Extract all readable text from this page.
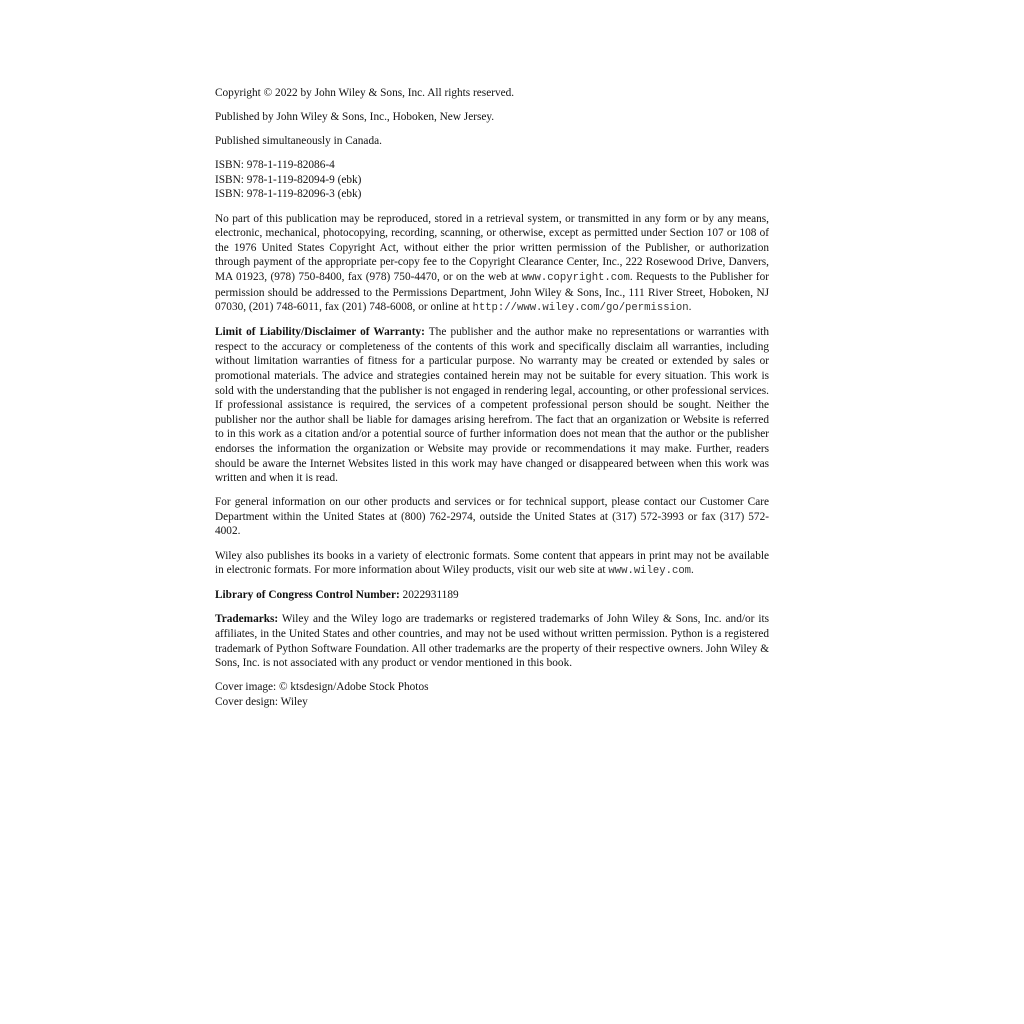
Copyright © 2022 by John Wiley & Sons, Inc. All rights reserved.

Published by John Wiley & Sons, Inc., Hoboken, New Jersey.

Published simultaneously in Canada.

ISBN: 978-1-119-82086-4
ISBN: 978-1-119-82094-9 (ebk)
ISBN: 978-1-119-82096-3 (ebk)

No part of this publication may be reproduced, stored in a retrieval system, or transmitted in any form or by any means, electronic, mechanical, photocopying, recording, scanning, or otherwise, except as permitted under Section 107 or 108 of the 1976 United States Copyright Act, without either the prior written permission of the Publisher, or authorization through payment of the appropriate per-copy fee to the Copyright Clearance Center, Inc., 222 Rosewood Drive, Danvers, MA 01923, (978) 750-8400, fax (978) 750-4470, or on the web at www.copyright.com. Requests to the Publisher for permission should be addressed to the Permissions Department, John Wiley & Sons, Inc., 111 River Street, Hoboken, NJ 07030, (201) 748-6011, fax (201) 748-6008, or online at http://www.wiley.com/go/permission.

Limit of Liability/Disclaimer of Warranty: The publisher and the author make no representations or warranties with respect to the accuracy or completeness of the contents of this work and specifically disclaim all warranties, including without limitation warranties of fitness for a particular purpose. No warranty may be created or extended by sales or promotional materials. The advice and strategies contained herein may not be suitable for every situation. This work is sold with the understanding that the publisher is not engaged in rendering legal, accounting, or other professional services. If professional assistance is required, the services of a competent professional person should be sought. Neither the publisher nor the author shall be liable for damages arising herefrom. The fact that an organization or Website is referred to in this work as a citation and/or a potential source of further information does not mean that the author or the publisher endorses the information the organization or Website may provide or recommendations it may make. Further, readers should be aware the Internet Websites listed in this work may have changed or disappeared between when this work was written and when it is read.

For general information on our other products and services or for technical support, please contact our Customer Care Department within the United States at (800) 762-2974, outside the United States at (317) 572-3993 or fax (317) 572-4002.

Wiley also publishes its books in a variety of electronic formats. Some content that appears in print may not be available in electronic formats. For more information about Wiley products, visit our web site at www.wiley.com.

Library of Congress Control Number: 2022931189

Trademarks: Wiley and the Wiley logo are trademarks or registered trademarks of John Wiley & Sons, Inc. and/or its affiliates, in the United States and other countries, and may not be used without written permission. Python is a registered trademark of Python Software Foundation. All other trademarks are the property of their respective owners. John Wiley & Sons, Inc. is not associated with any product or vendor mentioned in this book.

Cover image: © ktsdesign/Adobe Stock Photos
Cover design: Wiley
